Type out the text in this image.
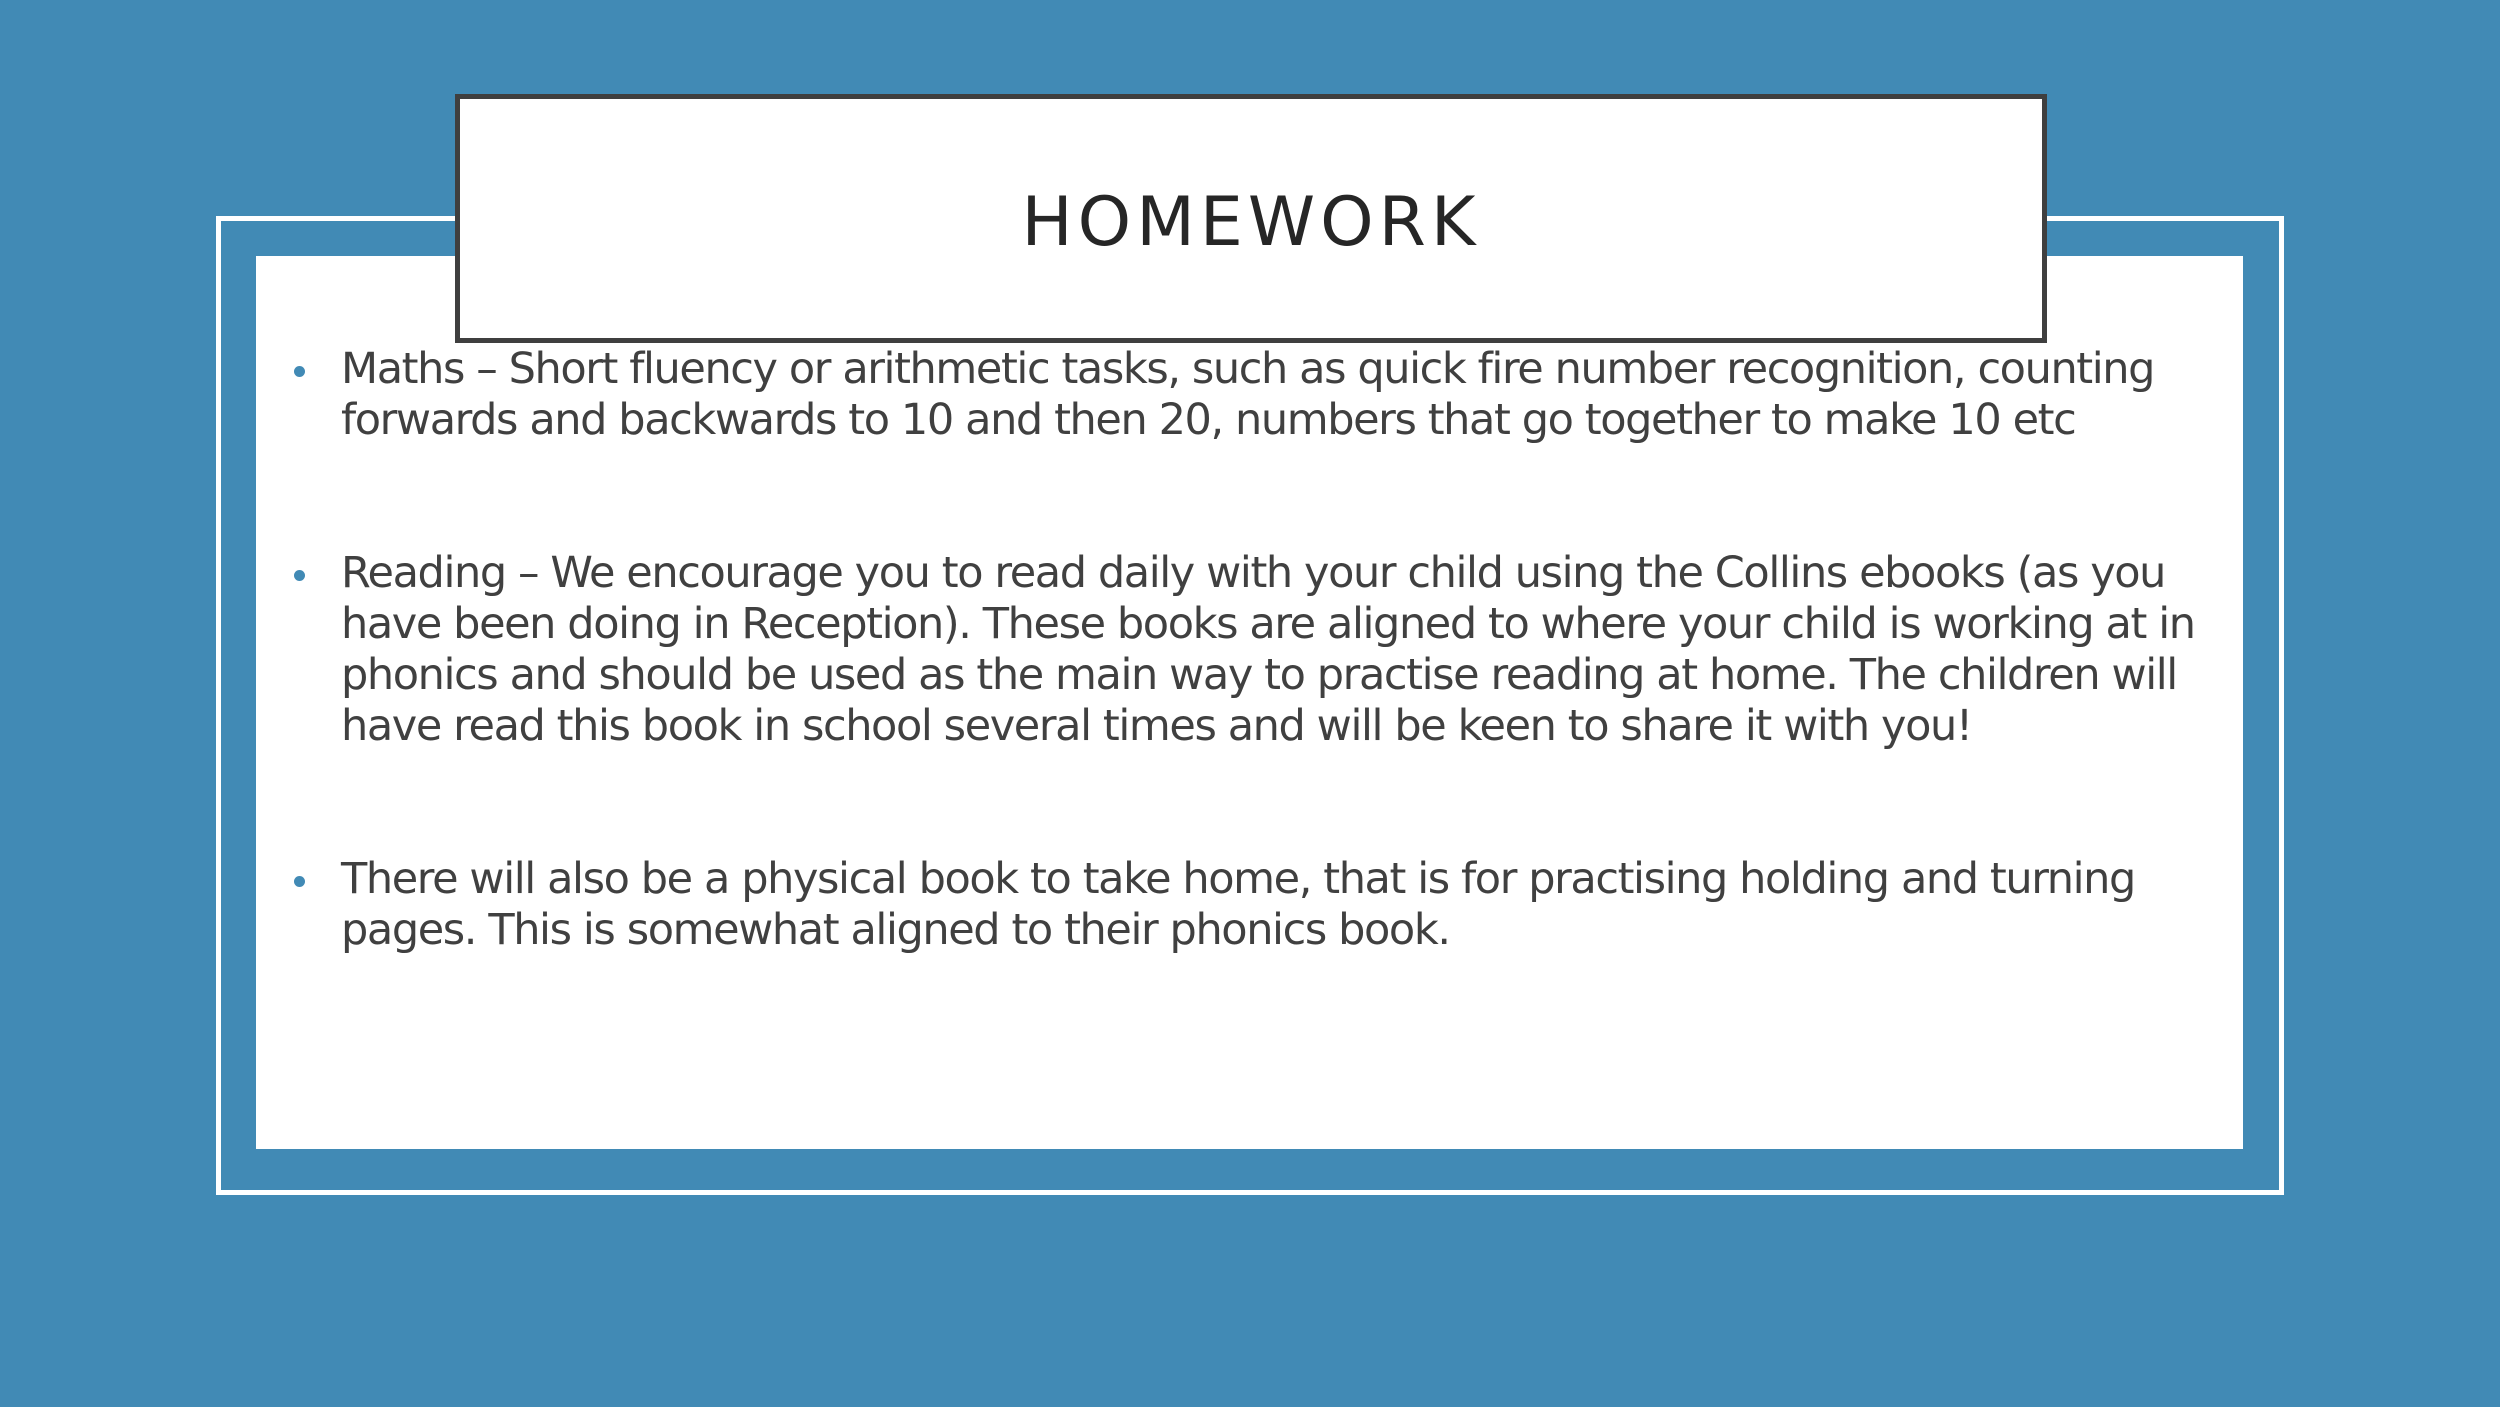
Maths – Short fluency or arithmetic tasks, such as quick fire number recognition, counting forwards and backwards to 10 and then 20, numbers that go together to make 10 etc
Reading – We encourage you to read daily with your child using the Collins ebooks (as you have been doing in Reception). These books are aligned to where your child is working at in phonics and should be used as the main way to practise reading at home. The children will have read this book in school several times and will be keen to share it with you!
There will also be a physical book to take home, that is for practising holding and turning pages. This is somewhat aligned to their phonics book.
HOMEWORK
